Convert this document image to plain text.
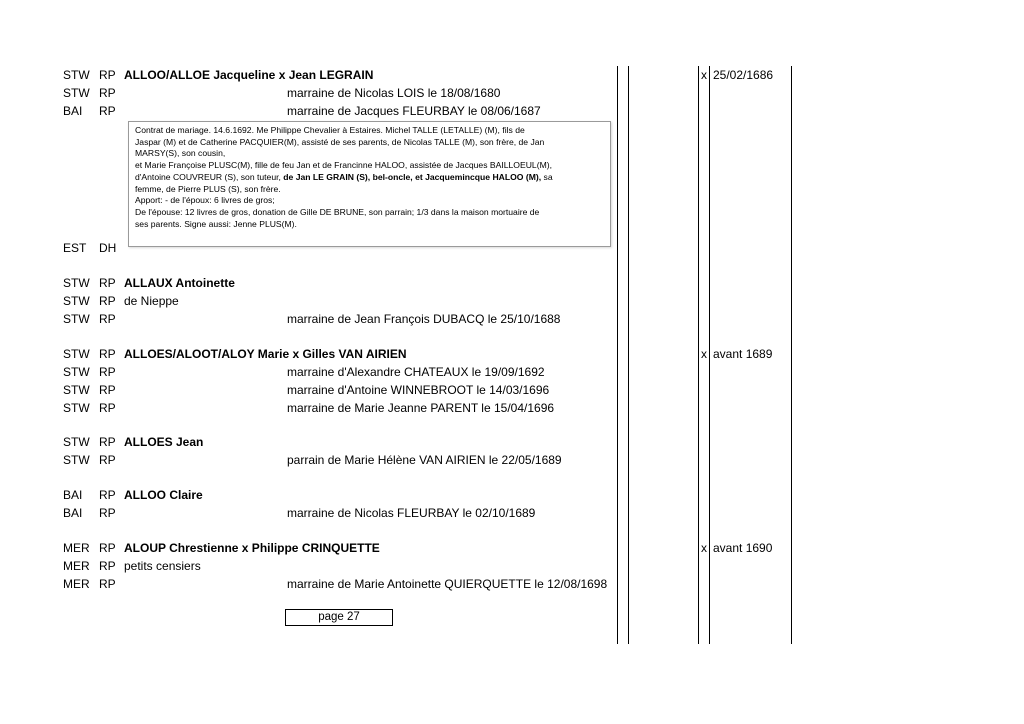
STW RP ALLOO/ALLOE Jacqueline x Jean LEGRAIN	x 25/02/1686
STW RP	marraine de Nicolas LOIS le 18/08/1680
BAI RP	marraine de Jacques FLEURBAY le 08/06/1687
EST DH

Contrat de mariage. 14.6.1692. Me Philippe Chevalier à Estaires. Michel TALLE (LETALLE) (M), fils de

Jaspar (M) et de Catherine PACQUIER(M), assisté de ses parents, de Nicolas TALLE (M), son frère, de Jan

MARSY(S), son cousin,

et Marie Françoise PLUSC(M), fille de feu Jan et de Francinne HALOO, assistée de Jacques BAILLOEUL(M),

d'Antoine COUVREUR (S), son tuteur, de Jan LE GRAIN (S), bel-oncle, et Jacquemincque HALOO (M), sa

femme, de Pierre PLUS (S), son frère.

Apport: - de l'époux: 6 livres de gros;

De l'épouse: 12 livres de gros, donation de Gille DE BRUNE, son parrain; 1/3 dans la maison mortuaire de

ses parents. Signe aussi: Jenne PLUS(M).

STW RP ALLAUX Antoinette
STW RP de Nieppe
STW RP	marraine de Jean François DUBACQ le 25/10/1688
STW RP ALLOES/ALOOT/ALOY Marie x Gilles VAN AIRIEN	x avant 1689
STW RP	marraine d'Alexandre CHATEAUX le 19/09/1692
STW RP	marraine d'Antoine WINNEBROOT le 14/03/1696
STW RP	marraine de Marie Jeanne PARENT le 15/04/1696
STW RP ALLOES Jean
STW RP	parrain de Marie Hélène VAN AIRIEN le 22/05/1689
BAI RP ALLOO Claire
BAI RP	marraine de Nicolas FLEURBAY le 02/10/1689
MER RP ALOUP Chrestienne x Philippe CRINQUETTE	x avant 1690
MER RP petits censiers
MER RP	marraine de Marie Antoinette QUIERQUETTE le 12/08/1698
page 27
